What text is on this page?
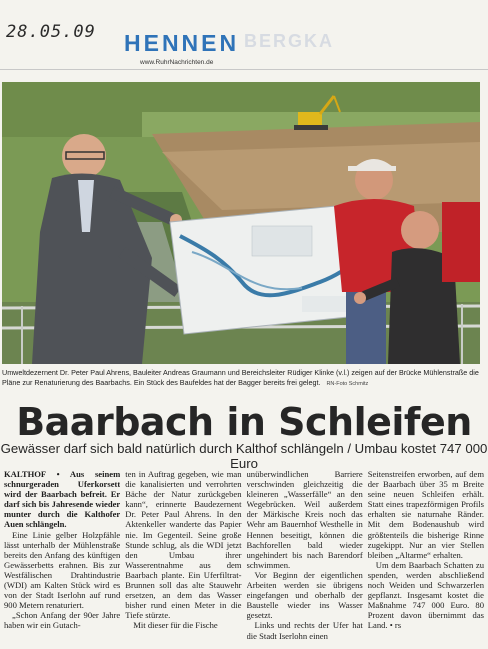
28.05.09	BERGKA
HENNEN
www.RuhrNachrichten.de
Umweltdezernent Dr. Peter Paul Ahrens, Bauleiter Andreas Graumann und Bereichsleiter Rüdiger Klinke (v.l.) zeigen auf der Brücke Mühlenstraße die Pläne zur Renaturierung des Baarbachs. Ein Stück des Baufeldes hat der Bagger bereits frei gelegt. RN-Foto Schmitz
Baarbach in Schleifen
Gewässer darf sich bald natürlich durch Kalthof schlängeln / Umbau kostet 747 000 Euro

KALTHOF • Aus seinem schnurgeraden Uferkorsett wird der Baarbach befreit. Er darf sich bis Jahresende wieder munter durch die Kalthofer Auen schlängeln.

Eine Linie gelber Holzpfähle lässt unterhalb der Mühlenstraße bereits den Anfang des künftigen Gewässerbetts erahnen. Bis zur Westfälischen Drahtindustrie (WDI) am Kalten Stück wird es von der Stadt Iserlohn auf rund 900 Metern renaturiert.

„Schon Anfang der 90er Jahre haben wir ein Gutach-

ten in Auftrag gegeben, wie man die kanalisierten und verrohrten Bäche der Natur zurückgeben kann“, erinnerte Baudezernent Dr. Peter Paul Ahrens. In den Aktenkeller wanderte das Papier nie. Im Gegenteil. Seine große Stunde schlug, als die WDI jetzt den Umbau ihrer Wasserentnahme aus dem Baarbach plante. Ein Uferfiltrat-Brunnen soll das alte Stauwehr ersetzen, an dem das Wasser bisher rund einen Meter in die Tiefe stürzte.

Mit dieser für die Fische

unüberwindlichen Barriere verschwinden gleichzeitig die kleineren „Wasserfälle“ an den Wegebrücken. Weil außerdem der Märkische Kreis noch das Wehr am Bauernhof Westhelle in Hennen beseitigt, können die Bachforellen bald wieder ungehindert bis nach Barendorf schwimmen.

Vor Beginn der eigentlichen Arbeiten werden sie übrigens eingefangen und oberhalb der Baustelle wieder ins Wasser gesetzt.

Links und rechts der Ufer hat die Stadt Iserlohn einen

Seitenstreifen erworben, auf dem der Baarbach über 35 m Breite seine neuen Schleifen erhält. Statt eines trapezförmigen Profils erhalten sie naturnahe Ränder. Mit dem Bodenaushub wird größtenteils die bisherige Rinne zugekippt. Nur an vier Stellen bleiben „Altarme“ erhalten.

Um dem Baarbach Schatten zu spenden, werden abschließend noch Weiden und Schwarzerlen gepflanzt. Insgesamt kostet die Maßnahme 747 000 Euro. 80 Prozent davon übernimmt das Land. • rs
